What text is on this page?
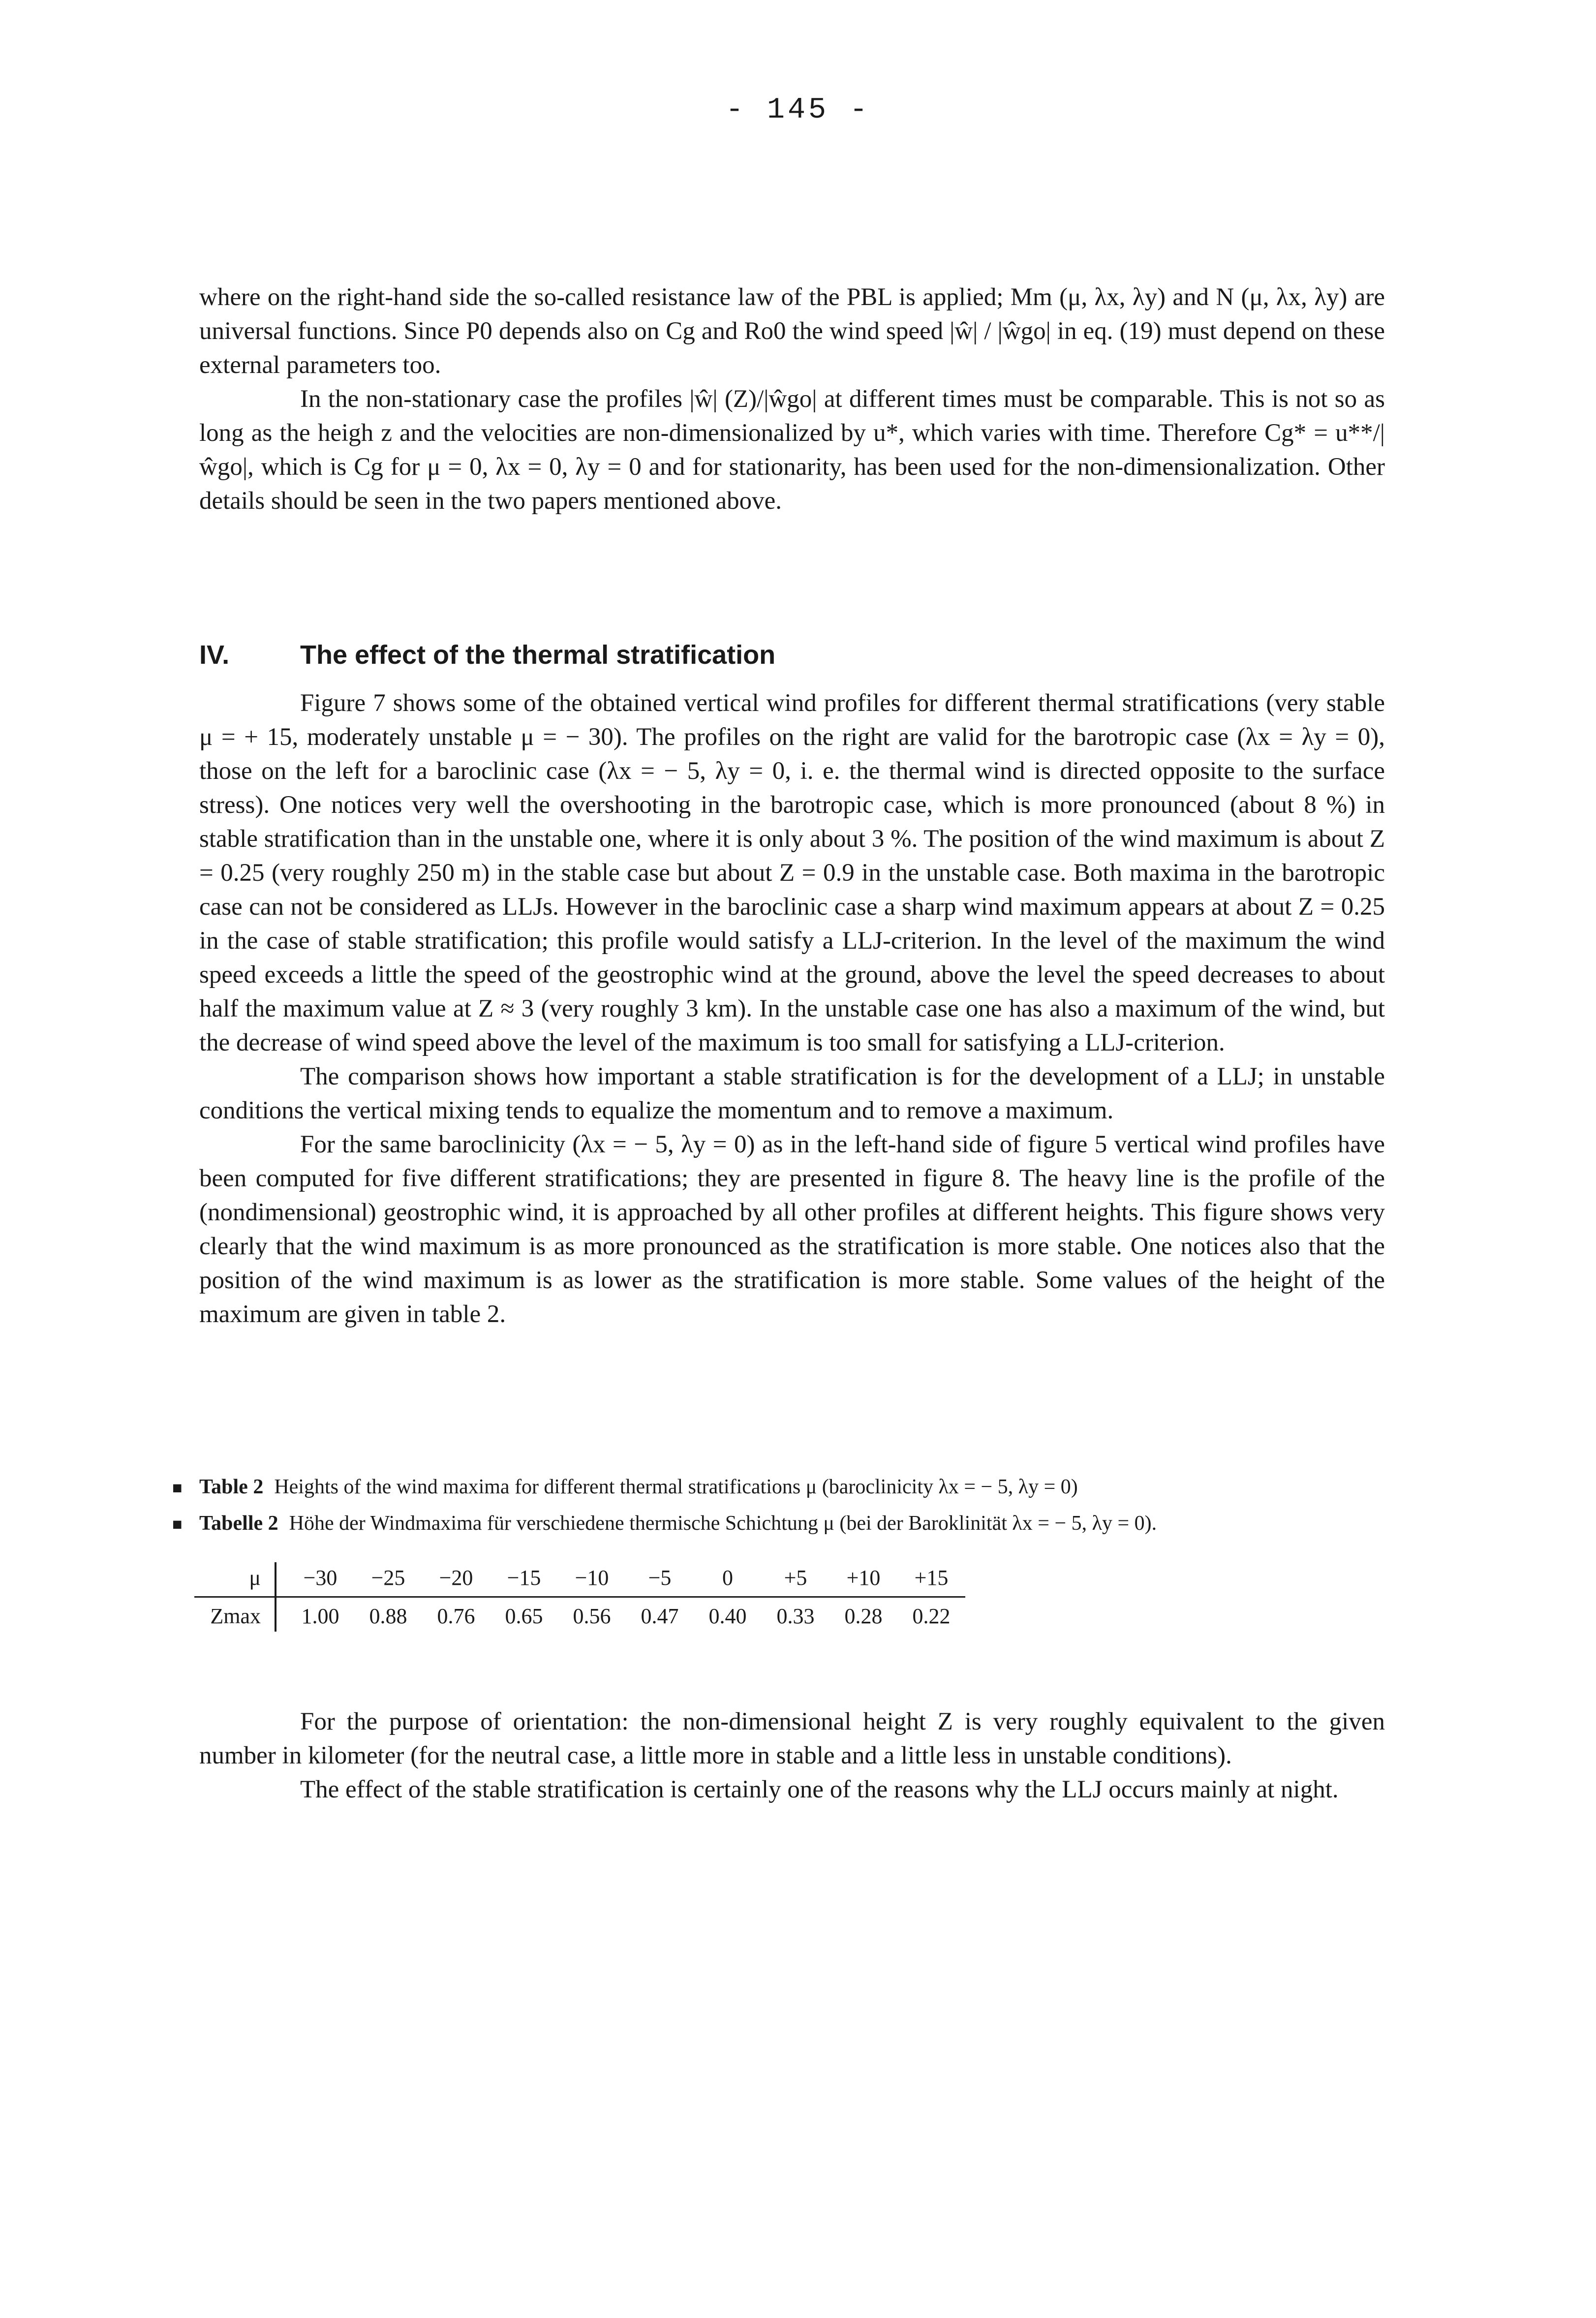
- 145 -

where on the right-hand side the so-called resistance law of the PBL is applied; Mm (μ, λx, λy) and N (μ, λx, λy) are universal functions. Since P0 depends also on Cg and Ro0 the wind speed |ŵ| / |ŵgo| in eq. (19) must depend on these external parameters too.

In the non-stationary case the profiles |ŵ| (Z)/|ŵgo| at different times must be comparable. This is not so as long as the heigh z and the velocities are non-dimensionalized by u*, which varies with time. Therefore Cg* = u**/|ŵgo|, which is Cg for μ = 0, λx = 0, λy = 0 and for stationarity, has been used for the non-dimensionalization. Other details should be seen in the two papers mentioned above.

IV.	The effect of the thermal stratification

Figure 7 shows some of the obtained vertical wind profiles for different thermal stratifications (very stable μ = + 15, moderately unstable μ = − 30). The profiles on the right are valid for the barotropic case (λx = λy = 0), those on the left for a baroclinic case (λx = − 5, λy = 0, i. e. the thermal wind is directed opposite to the surface stress). One notices very well the overshooting in the barotropic case, which is more pronounced (about 8 %) in stable stratification than in the unstable one, where it is only about 3 %. The position of the wind maximum is about Z = 0.25 (very roughly 250 m) in the stable case but about Z = 0.9 in the unstable case. Both maxima in the barotropic case can not be considered as LLJs. However in the baroclinic case a sharp wind maximum appears at about Z = 0.25 in the case of stable stratification; this profile would satisfy a LLJ-criterion. In the level of the maximum the wind speed exceeds a little the speed of the geostrophic wind at the ground, above the level the speed decreases to about half the maximum value at Z ≈ 3 (very roughly 3 km). In the unstable case one has also a maximum of the wind, but the decrease of wind speed above the level of the maximum is too small for satisfying a LLJ-criterion.

The comparison shows how important a stable stratification is for the development of a LLJ; in unstable conditions the vertical mixing tends to equalize the momentum and to remove a maximum.

For the same baroclinicity (λx = − 5, λy = 0) as in the left-hand side of figure 5 vertical wind profiles have been computed for five different stratifications; they are presented in figure 8. The heavy line is the profile of the (nondimensional) geostrophic wind, it is approached by all other profiles at different heights. This figure shows very clearly that the wind maximum is as more pronounced as the stratification is more stable. One notices also that the position of the wind maximum is as lower as the stratification is more stable. Some values of the height of the maximum are given in table 2.

■ Table 2 Heights of the wind maxima for different thermal stratifications μ (baroclinicity λx = − 5, λy = 0)
■ Tabelle 2 Höhe der Windmaxima für verschiedene thermische Schichtung μ (bei der Baroklinität λx = − 5, λy = 0).
μ	−30	−25	−20	−15	−10	−5	0	+5	+10	+15
Zmax	1.00	0.88	0.76	0.65	0.56	0.47	0.40	0.33	0.28	0.22

For the purpose of orientation: the non-dimensional height Z is very roughly equivalent to the given number in kilometer (for the neutral case, a little more in stable and a little less in unstable conditions).

The effect of the stable stratification is certainly one of the reasons why the LLJ occurs mainly at night.
